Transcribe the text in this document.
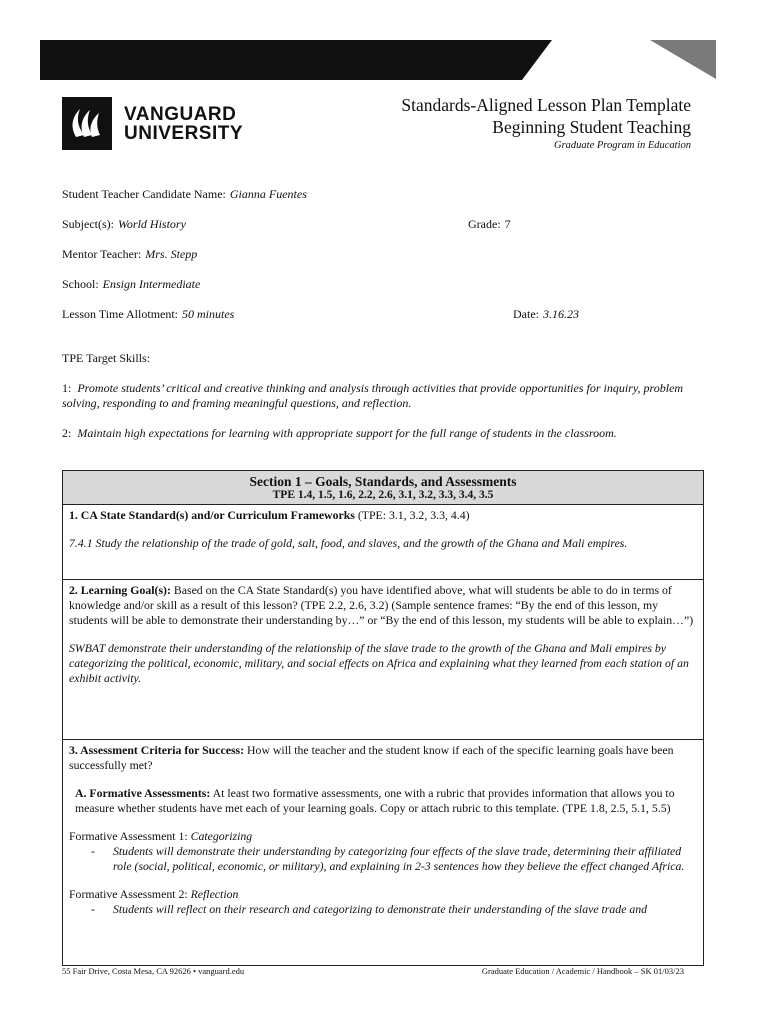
VANGUARD
UNIVERSITY
Standards-Aligned Lesson Plan Template
Beginning Student Teaching
Graduate Program in Education
Student Teacher Candidate Name: Gianna Fuentes
Subject(s): World History	Grade: 7
Mentor Teacher: Mrs. Stepp
School: Ensign Intermediate
Lesson Time Allotment: 50 minutes	Date: 3.16.23
TPE Target Skills:
1: Promote students’ critical and creative thinking and analysis through activities that provide opportunities for inquiry, problem solving, responding to and framing meaningful questions, and reflection.
2: Maintain high expectations for learning with appropriate support for the full range of students in the classroom.
Section 1 – Goals, Standards, and Assessments
TPE 1.4, 1.5, 1.6, 2.2, 2.6, 3.1, 3.2, 3.3, 3.4, 3.5

1. CA State Standard(s) and/or Curriculum Frameworks (TPE: 3.1, 3.2, 3.3, 4.4)

7.4.1 Study the relationship of the trade of gold, salt, food, and slaves, and the growth of the Ghana and Mali empires.

2. Learning Goal(s): Based on the CA State Standard(s) you have identified above, what will students be able to do in terms of knowledge and/or skill as a result of this lesson? (TPE 2.2, 2.6, 3.2) (Sample sentence frames: “By the end of this lesson, my students will be able to demonstrate their understanding by…” or “By the end of this lesson, my students will be able to explain…”)

SWBAT demonstrate their understanding of the relationship of the slave trade to the growth of the Ghana and Mali empires by categorizing the political, economic, military, and social effects on Africa and explaining what they learned from each station of an exhibit activity.

3. Assessment Criteria for Success: How will the teacher and the student know if each of the specific learning goals have been successfully met?

A. Formative Assessments: At least two formative assessments, one with a rubric that provides information that allows you to measure whether students have met each of your learning goals. Copy or attach rubric to this template. (TPE 1.8, 2.5, 5.1, 5.5)

Formative Assessment 1: Categorizing

- Students will demonstrate their understanding by categorizing four effects of the slave trade, determining their affiliated role (social, political, economic, or military), and explaining in 2-3 sentences how they believe the effect changed Africa.

Formative Assessment 2: Reflection

- Students will reflect on their research and categorizing to demonstrate their understanding of the slave trade and
55 Fair Drive, Costa Mesa, CA 92626 • vanguard.edu	Graduate Education / Academic / Handbook – SK 01/03/23
